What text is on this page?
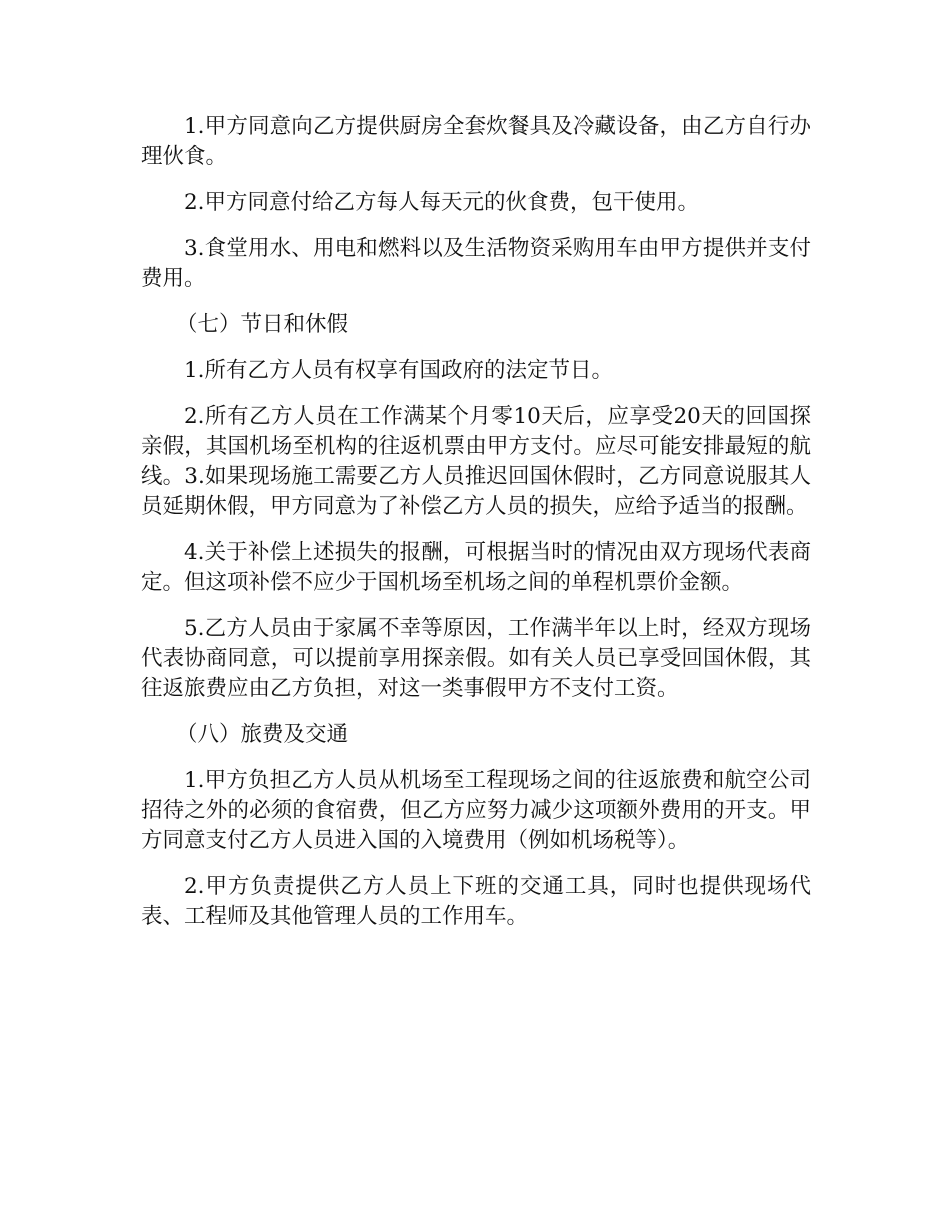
1.甲方同意向乙方提供厨房全套炊餐具及冷藏设备，由乙方自行办理伙食。

2.甲方同意付给乙方每人每天元的伙食费，包干使用。

3.食堂用水、用电和燃料以及生活物资采购用车由甲方提供并支付费用。

（七）节日和休假

1.所有乙方人员有权享有国政府的法定节日。

2.所有乙方人员在工作满某个月零10天后，应享受20天的回国探亲假，其国机场至机构的往返机票由甲方支付。应尽可能安排最短的航线。3.如果现场施工需要乙方人员推迟回国休假时，乙方同意说服其人员延期休假，甲方同意为了补偿乙方人员的损失，应给予适当的报酬。

4.关于补偿上述损失的报酬，可根据当时的情况由双方现场代表商定。但这项补偿不应少于国机场至机场之间的单程机票价金额。

5.乙方人员由于家属不幸等原因，工作满半年以上时，经双方现场代表协商同意，可以提前享用探亲假。如有关人员已享受回国休假，其往返旅费应由乙方负担，对这一类事假甲方不支付工资。

（八）旅费及交通

1.甲方负担乙方人员从机场至工程现场之间的往返旅费和航空公司招待之外的必须的食宿费，但乙方应努力减少这项额外费用的开支。甲方同意支付乙方人员进入国的入境费用（例如机场税等）。

2.甲方负责提供乙方人员上下班的交通工具，同时也提供现场代表、工程师及其他管理人员的工作用车。
